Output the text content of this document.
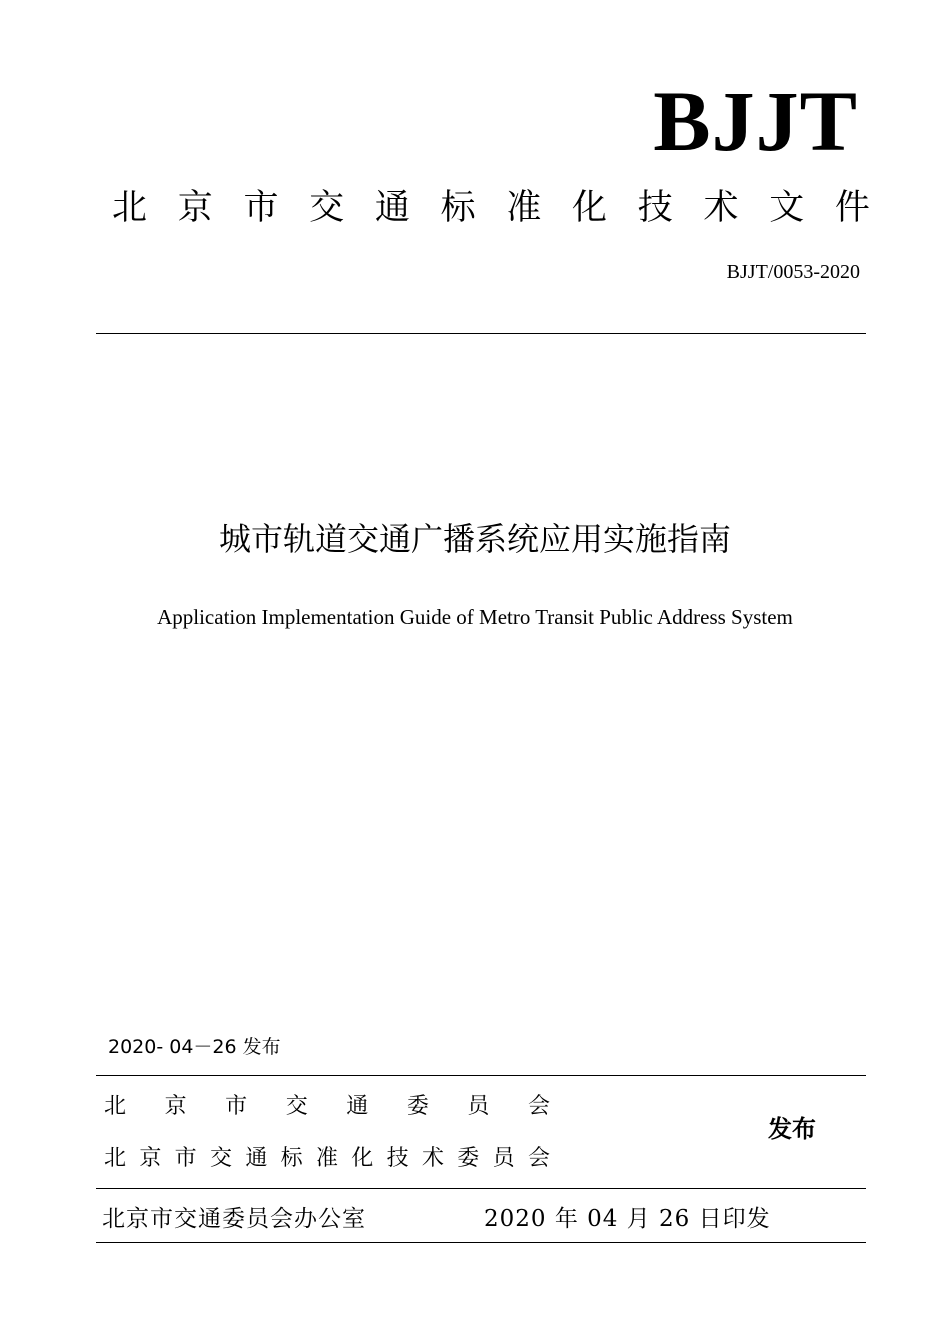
BJJT
北 京 市 交 通 标 准 化 技 术 文 件
BJJT/0053-2020
城市轨道交通广播系统应用实施指南
Application Implementation Guide of Metro Transit Public Address System
2020- 04－26 发布
北 京 市 交 通 委 员 会
北 京 市 交 通 标 准 化 技 术 委 员 会
发布
北京市交通委员会办公室	2020 年 04 月 26 日印发
